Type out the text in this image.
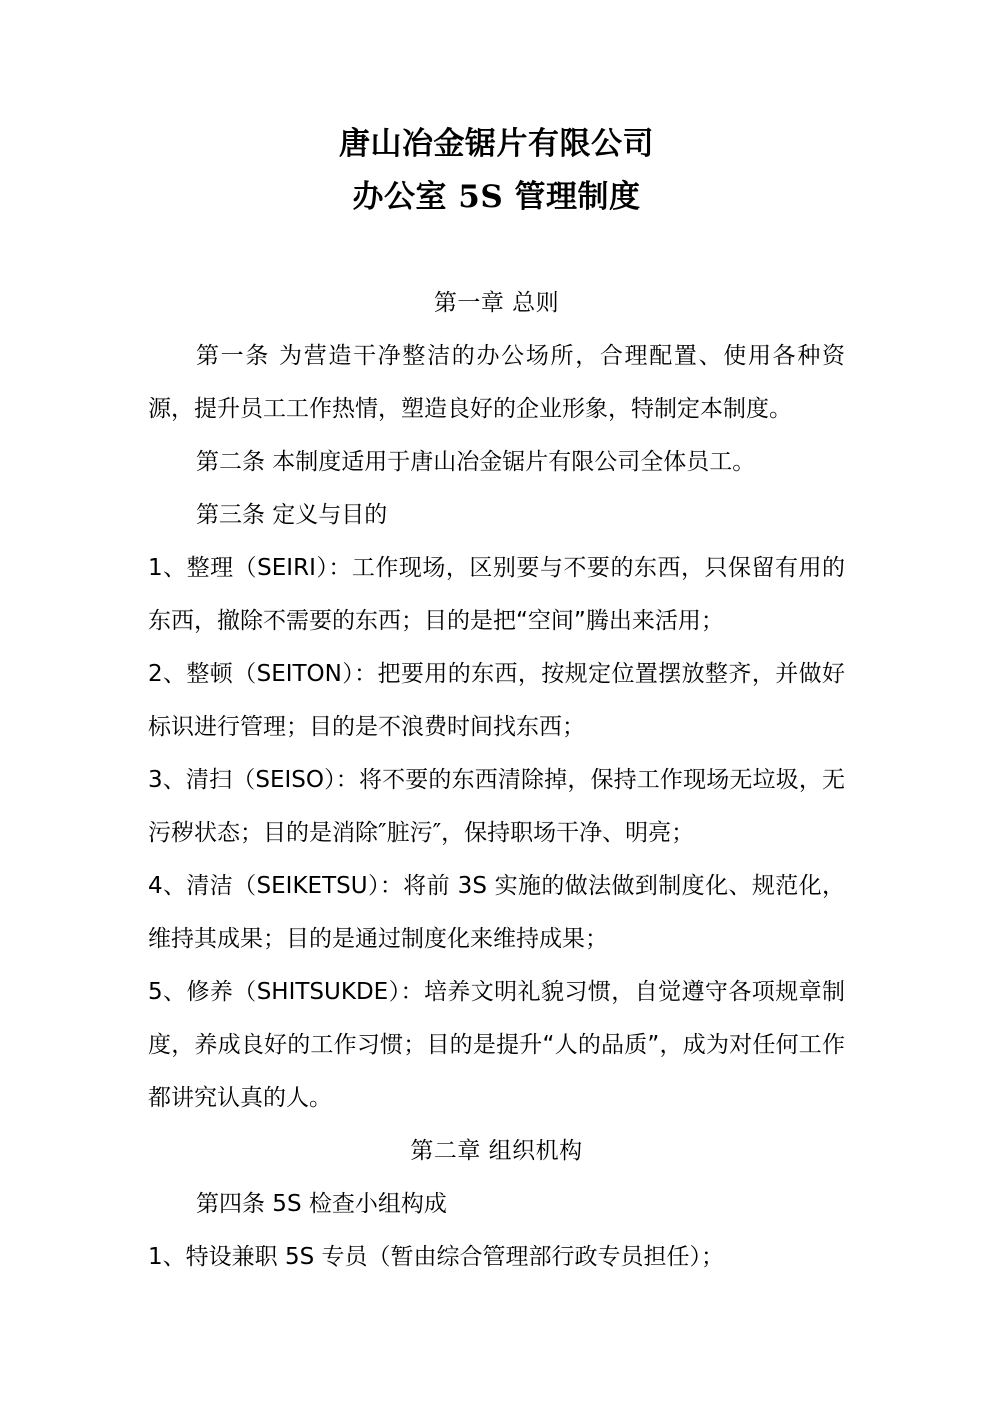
唐山冶金锯片有限公司
办公室 5S 管理制度
第一章 总则

第一条 为营造干净整洁的办公场所，合理配置、使用各种资源，提升员工工作热情，塑造良好的企业形象，特制定本制度。

第二条 本制度适用于唐山冶金锯片有限公司全体员工。

第三条 定义与目的

1、整理（SEIRI）：工作现场，区别要与不要的东西，只保留有用的东西，撤除不需要的东西；目的是把“空间”腾出来活用；

2、整顿（SEITON）：把要用的东西，按规定位置摆放整齐，并做好标识进行管理；目的是不浪费时间找东西；

3、清扫（SEISO）：将不要的东西清除掉，保持工作现场无垃圾，无污秽状态；目的是消除″脏污″，保持职场干净、明亮；

4、清洁（SEIKETSU）：将前 3S 实施的做法做到制度化、规范化，维持其成果；目的是通过制度化来维持成果；

5、修养（SHITSUKDE）：培养文明礼貌习惯，自觉遵守各项规章制度，养成良好的工作习惯；目的是提升“人的品质”，成为对任何工作都讲究认真的人。

第二章 组织机构

第四条 5S 检查小组构成

1、特设兼职 5S 专员（暂由综合管理部行政专员担任）；
